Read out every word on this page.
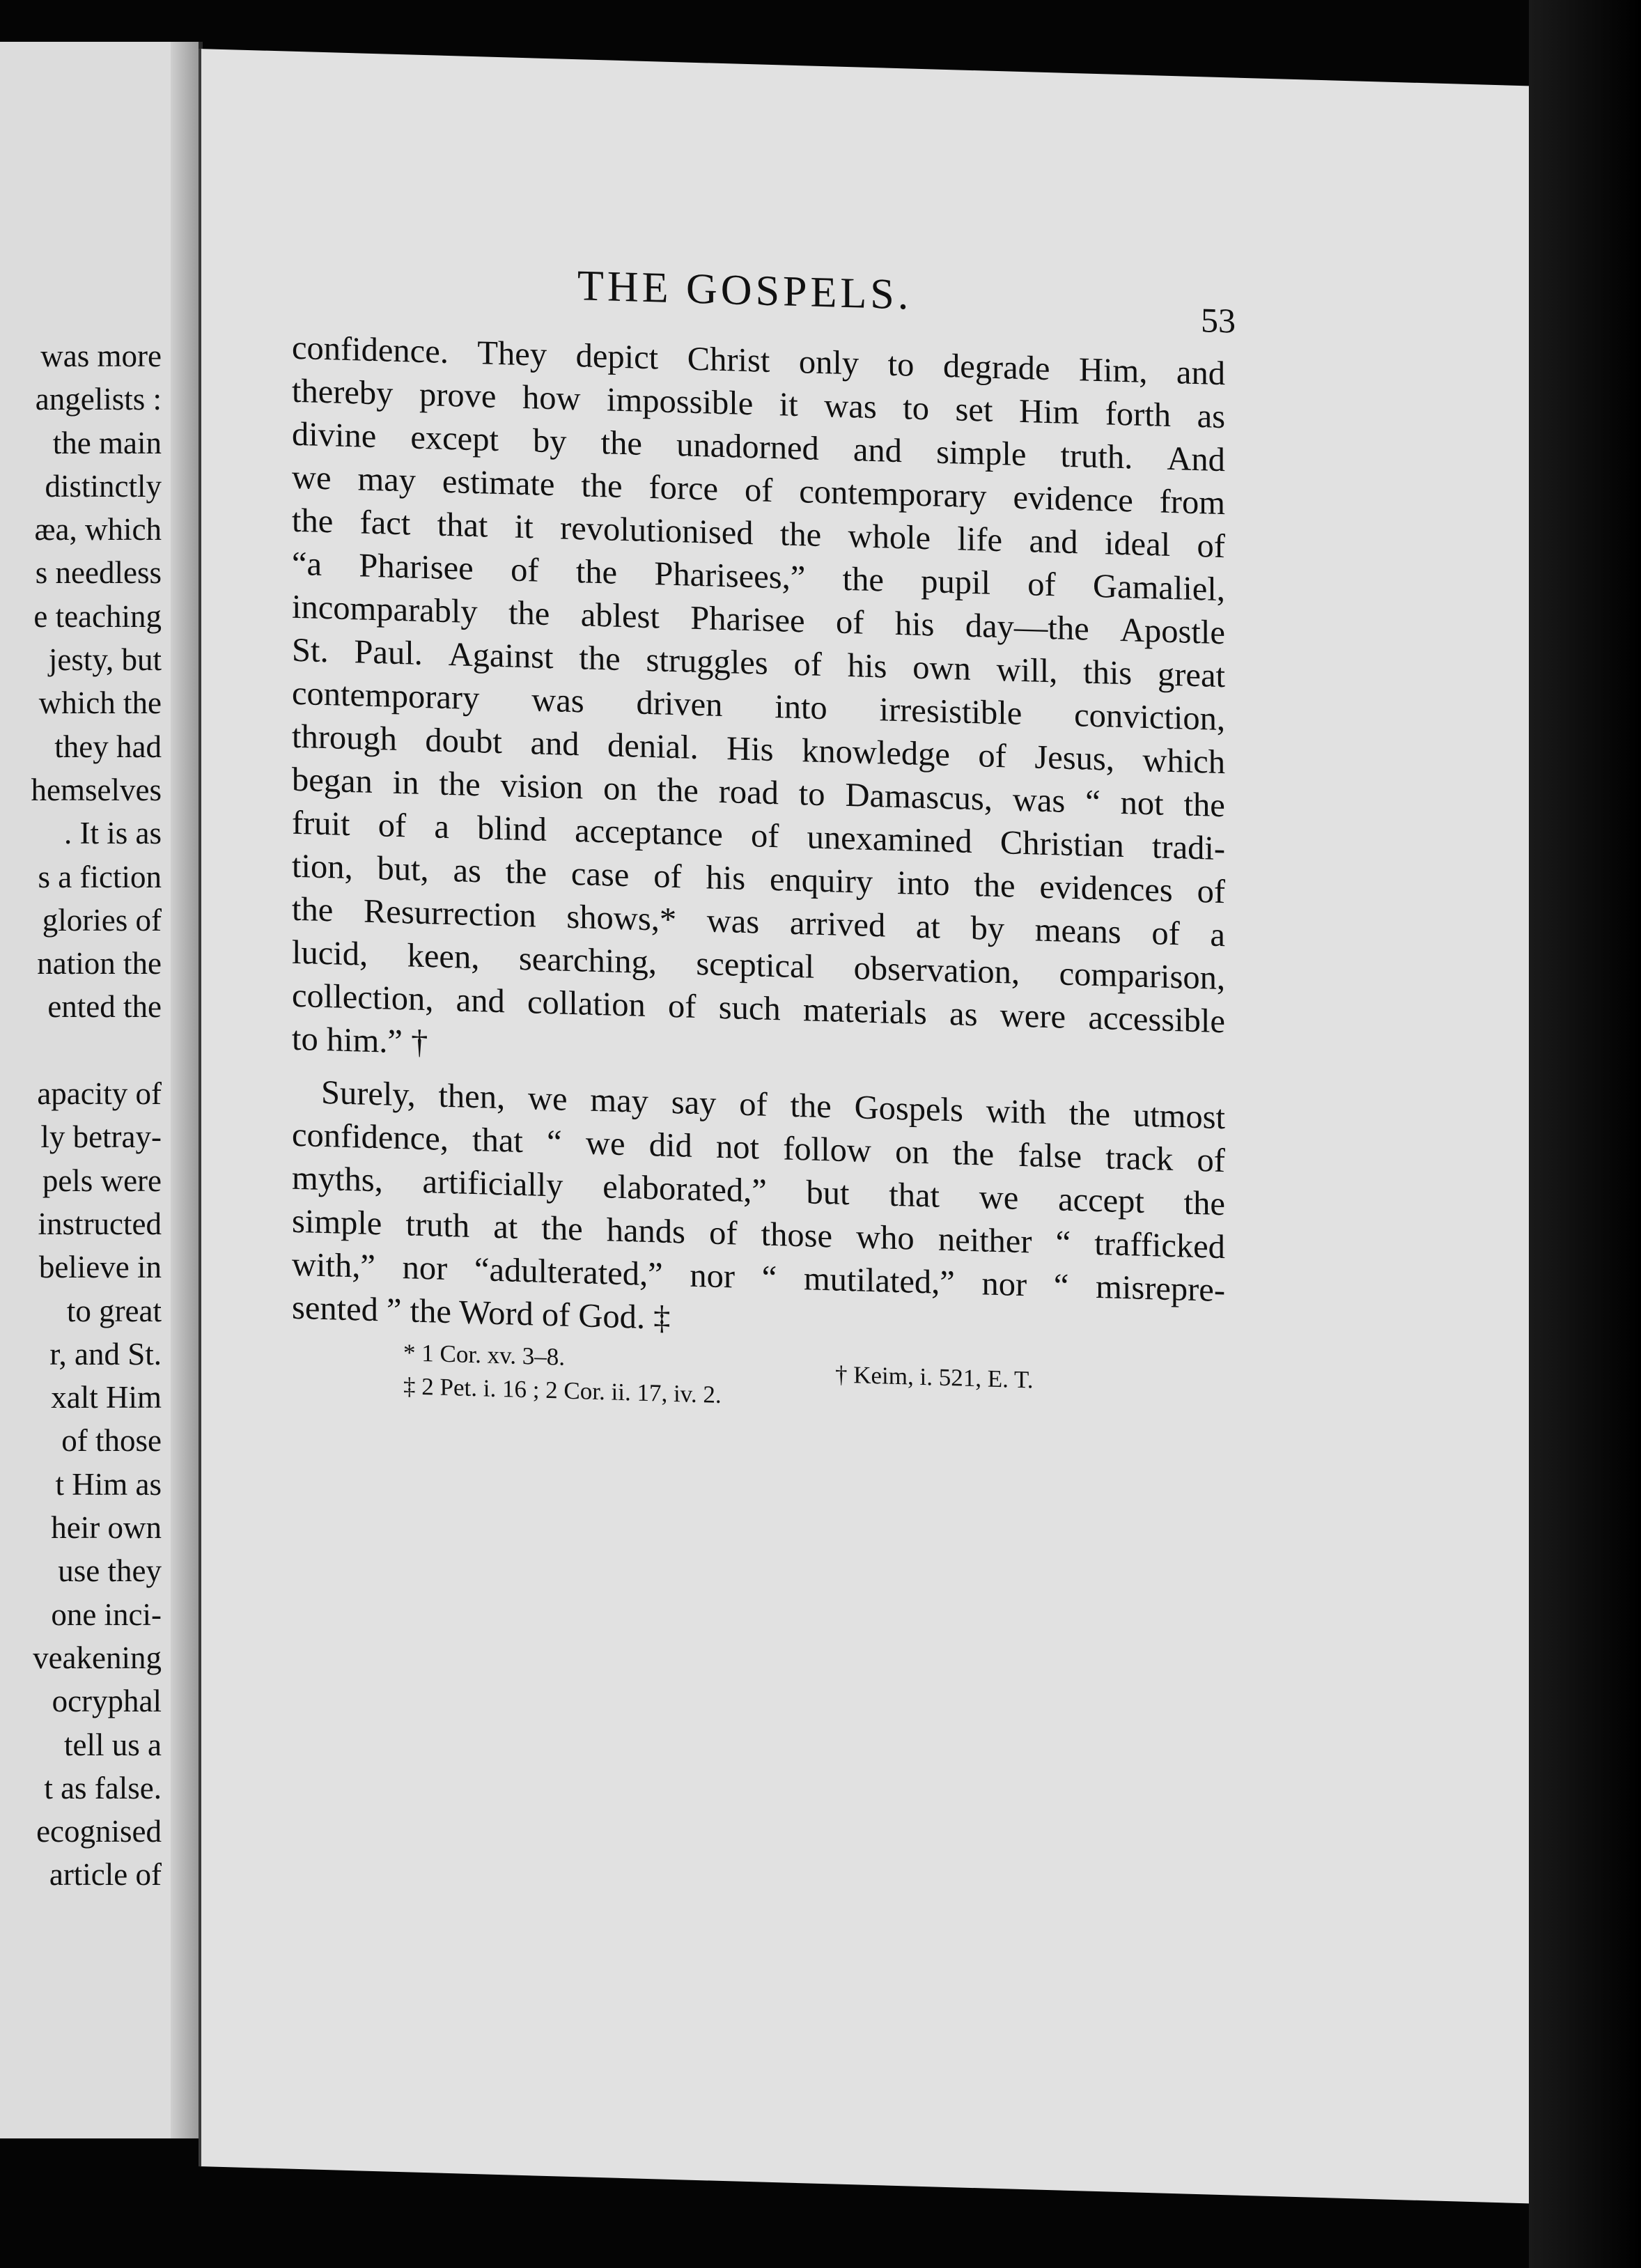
was more
angelists :
the main
distinctly
æa, which
s needless
e teaching
jesty, but
which the
they had
hemselves
. It is as
s a fiction
glories of
nation the
ented the
apacity of
ly betray-
pels were
instructed
believe in
to great
r, and St.
xalt Him
of those
t Him as
heir own
use they
one inci-
veakening
ocryphal
tell us a
t as false.
ecognised
article of
THE GOSPELS.
53
confidence. They depict Christ only to degrade Him, and
thereby prove how impossible it was to set Him forth as
divine except by the unadorned and simple truth. And
we may estimate the force of contemporary evidence from
the fact that it revolutionised the whole life and ideal of
“a Pharisee of the Pharisees,” the pupil of Gamaliel,
incomparably the ablest Pharisee of his day—the Apostle
St. Paul. Against the struggles of his own will, this great
contemporary was driven into irresistible conviction,
through doubt and denial. His knowledge of Jesus, which
began in the vision on the road to Damascus, was “ not the
fruit of a blind acceptance of unexamined Christian tradi-
tion, but, as the case of his enquiry into the evidences of
the Resurrection shows,* was arrived at by means of a
lucid, keen, searching, sceptical observation, comparison,
collection, and collation of such materials as were accessible
to him.” †
Surely, then, we may say of the Gospels with the utmost
confidence, that “ we did not follow on the false track of
myths, artificially elaborated,” but that we accept the
simple truth at the hands of those who neither “ trafficked
with,” nor “adulterated,” nor “ mutilated,” nor “ misrepre-
sented ” the Word of God. ‡
* 1 Cor. xv. 3–8.
† Keim, i. 521, E. T.
‡ 2 Pet. i. 16 ; 2 Cor. ii. 17, iv. 2.
